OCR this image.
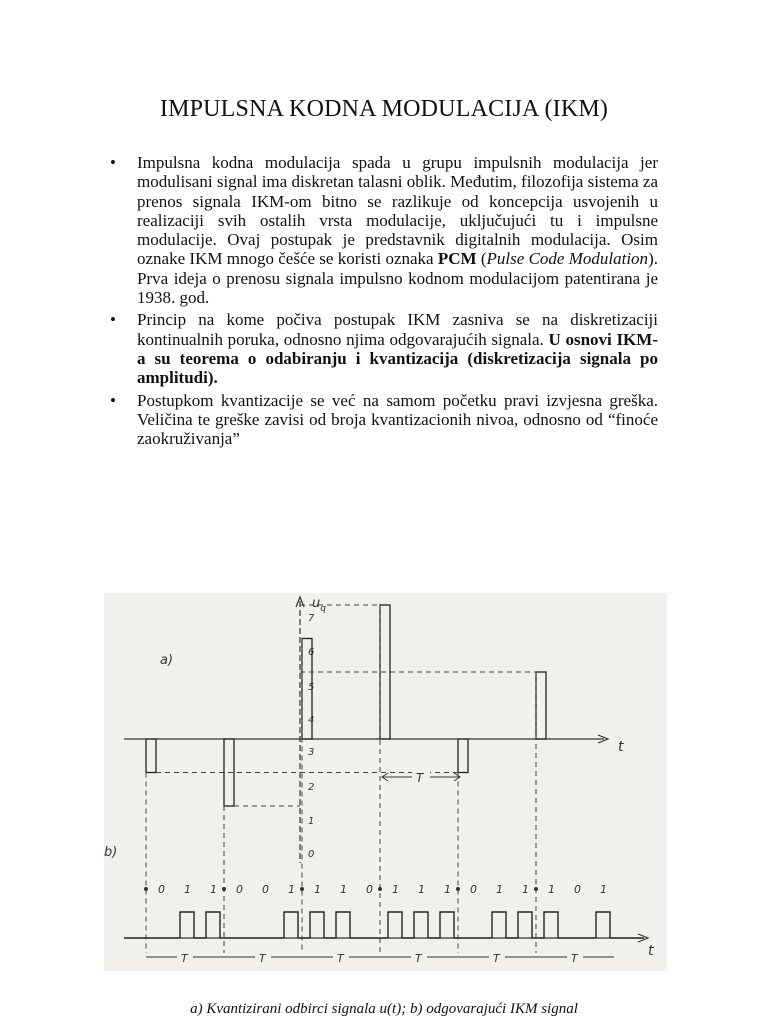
IMPULSNA KODNA MODULACIJA (IKM)
• Impulsna kodna modulacija spada u grupu impulsnih modulacija jer modulisani signal ima diskretan talasni oblik. Međutim, filozofija sistema za prenos signala IKM-om bitno se razlikuje od koncepcija usvojenih u realizaciji svih ostalih vrsta modulacije, uključujući tu i impulsne modulacije. Ovaj postupak je predstavnik digitalnih modulacija. Osim oznake IKM mnogo češće se koristi oznaka PCM (Pulse Code Modulation). Prva ideja o prenosu signala impulsno kodnom modulacijom patentirana je 1938. god.
• Princip na kome počiva postupak IKM zasniva se na diskretizaciji kontinualnih poruka, odnosno njima odgovarajućih signala. U osnovi IKM-a su teorema o odabiranju i kvantizacija (diskretizacija signala po amplitudi).
• Postupkom kvantizacije se već na samom početku pravi izvjesna greška. Veličina te greške zavisi od broja kvantizacionih nivoa, odnosno od “finoće zaokruživanja”
a)
b)
$u_q$
t
0
1
2
3
4
5
6
7
T
0 1 1 0 0 1 1 1 0 1 1 1 0 1 1 1 0 1
t
T	T	T	T	T	T
a) Kvantizirani odbirci signala u(t); b) odgovarajući IKM signal
